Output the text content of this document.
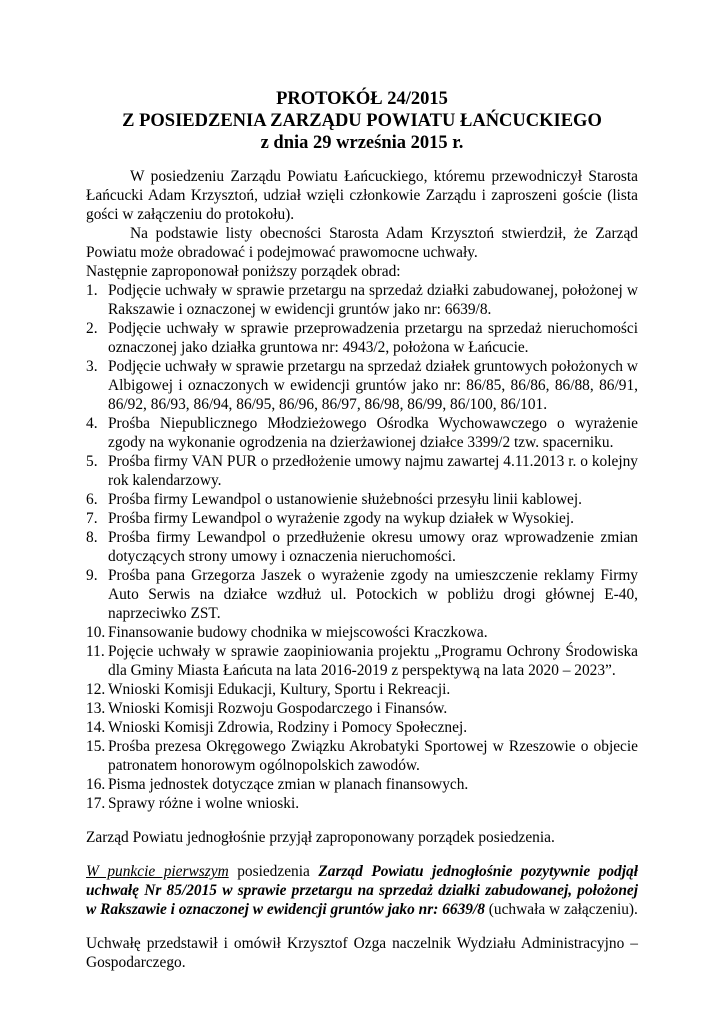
PROTOKÓŁ 24/2015
Z POSIEDZENIA ZARZĄDU POWIATU ŁAŃCUCKIEGO
z dnia 29 września 2015 r.

W posiedzeniu Zarządu Powiatu Łańcuckiego, któremu przewodniczył Starosta Łańcucki Adam Krzysztoń, udział wzięli członkowie Zarządu i zaproszeni goście (lista gości w załączeniu do protokołu).

Na podstawie listy obecności Starosta Adam Krzysztoń stwierdził, że Zarząd Powiatu może obradować i podejmować prawomocne uchwały.

Następnie zaproponował poniższy porządek obrad:

1. Podjęcie uchwały w sprawie przetargu na sprzedaż działki zabudowanej, położonej w Rakszawie i oznaczonej w ewidencji gruntów jako nr: 6639/8.
2. Podjęcie uchwały w sprawie przeprowadzenia przetargu na sprzedaż nieruchomości oznaczonej jako działka gruntowa nr: 4943/2, położona w Łańcucie.
3. Podjęcie uchwały w sprawie przetargu na sprzedaż działek gruntowych położonych w Albigowej i oznaczonych w ewidencji gruntów jako nr: 86/85, 86/86, 86/88, 86/91, 86/92, 86/93, 86/94, 86/95, 86/96, 86/97, 86/98, 86/99, 86/100, 86/101.
4. Prośba Niepublicznego Młodzieżowego Ośrodka Wychowawczego o wyrażenie zgody na wykonanie ogrodzenia na dzierżawionej działce 3399/2 tzw. spacerniku.
5. Prośba firmy VAN PUR o przedłożenie umowy najmu zawartej 4.11.2013 r. o kolejny rok kalendarzowy.
6. Prośba firmy Lewandpol o ustanowienie służebności przesyłu linii kablowej.
7. Prośba firmy Lewandpol o wyrażenie zgody na wykup działek w Wysokiej.
8. Prośba firmy Lewandpol o przedłużenie okresu umowy oraz wprowadzenie zmian dotyczących strony umowy i oznaczenia nieruchomości.
9. Prośba pana Grzegorza Jaszek o wyrażenie zgody na umieszczenie reklamy Firmy Auto Serwis na działce wzdłuż ul. Potockich w pobliżu drogi głównej E-40, naprzeciwko ZST.
10. Finansowanie budowy chodnika w miejscowości Kraczkowa.
11. Pojęcie uchwały w sprawie zaopiniowania projektu „Programu Ochrony Środowiska dla Gminy Miasta Łańcuta na lata 2016-2019 z perspektywą na lata 2020 – 2023”.
12. Wnioski Komisji Edukacji, Kultury, Sportu i Rekreacji.
13. Wnioski Komisji Rozwoju Gospodarczego i Finansów.
14. Wnioski Komisji Zdrowia, Rodziny i Pomocy Społecznej.
15. Prośba prezesa Okręgowego Związku Akrobatyki Sportowej w Rzeszowie o objecie patronatem honorowym ogólnopolskich zawodów.
16. Pisma jednostek dotyczące zmian w planach finansowych.
17. Sprawy różne i wolne wnioski.

Zarząd Powiatu jednogłośnie przyjął zaproponowany porządek posiedzenia.

W punkcie pierwszym posiedzenia Zarząd Powiatu jednogłośnie pozytywnie podjął uchwałę Nr 85/2015 w sprawie przetargu na sprzedaż działki zabudowanej, położonej w Rakszawie i oznaczonej w ewidencji gruntów jako nr: 6639/8 (uchwała w załączeniu).

Uchwałę przedstawił i omówił Krzysztof Ozga naczelnik Wydziału Administracyjno – Gospodarczego.
